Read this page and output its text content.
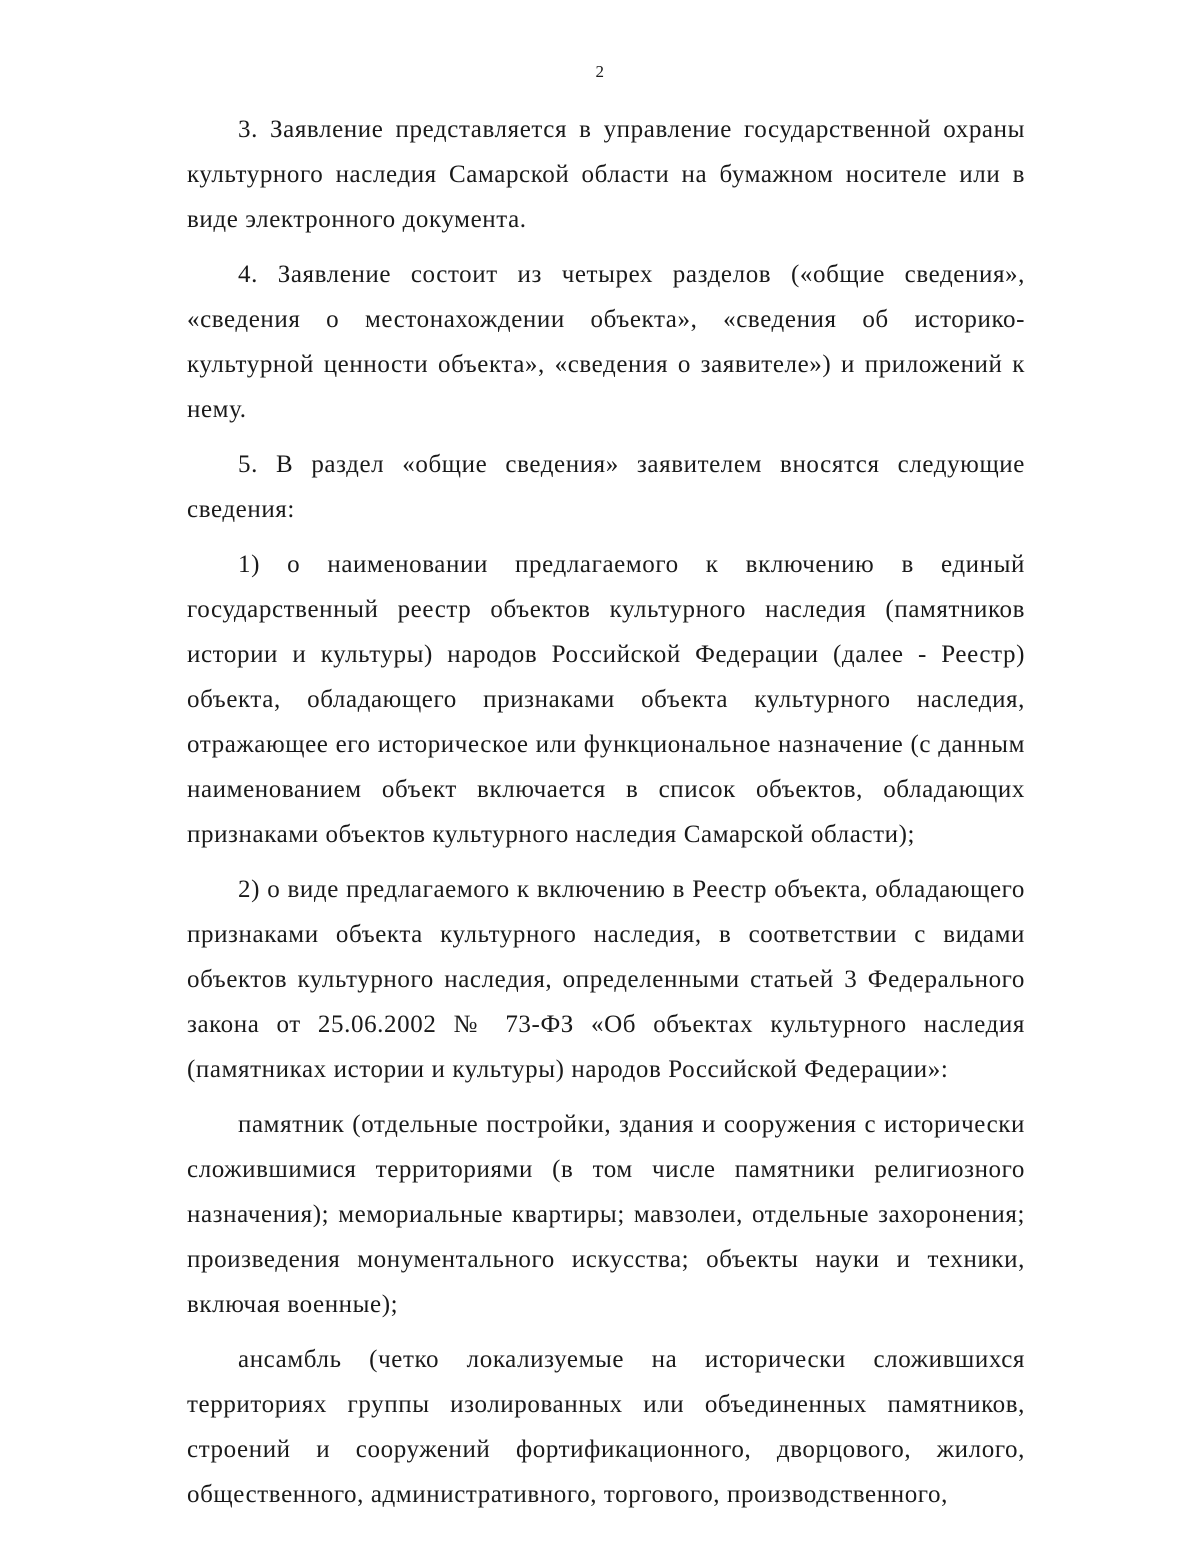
2

3. Заявление представляется в управление государственной охраны культурного наследия Самарской области на бумажном носителе или в виде электронного документа.

4. Заявление состоит из четырех разделов («общие сведения», «сведения о местонахождении объекта», «сведения об историко-культурной ценности объекта», «сведения о заявителе») и приложений к нему.

5. В раздел «общие сведения» заявителем вносятся следующие сведения:

1) о наименовании предлагаемого к включению в единый государственный реестр объектов культурного наследия (памятников истории и культуры) народов Российской Федерации (далее - Реестр) объекта, обладающего признаками объекта культурного наследия, отражающее его историческое или функциональное назначение (с данным наименованием объект включается в список объектов, обладающих признаками объектов культурного наследия Самарской области);

2) о виде предлагаемого к включению в Реестр объекта, обладающего признаками объекта культурного наследия, в соответствии с видами объектов культурного наследия, определенными статьей 3 Федерального закона от 25.06.2002 № 73-ФЗ «Об объектах культурного наследия (памятниках истории и культуры) народов Российской Федерации»:

памятник (отдельные постройки, здания и сооружения с исторически сложившимися территориями (в том числе памятники религиозного назначения); мемориальные квартиры; мавзолеи, отдельные захоронения; произведения монументального искусства; объекты науки и техники, включая военные);

ансамбль (четко локализуемые на исторически сложившихся территориях группы изолированных или объединенных памятников, строений и сооружений фортификационного, дворцового, жилого, общественного, административного, торгового, производственного,
